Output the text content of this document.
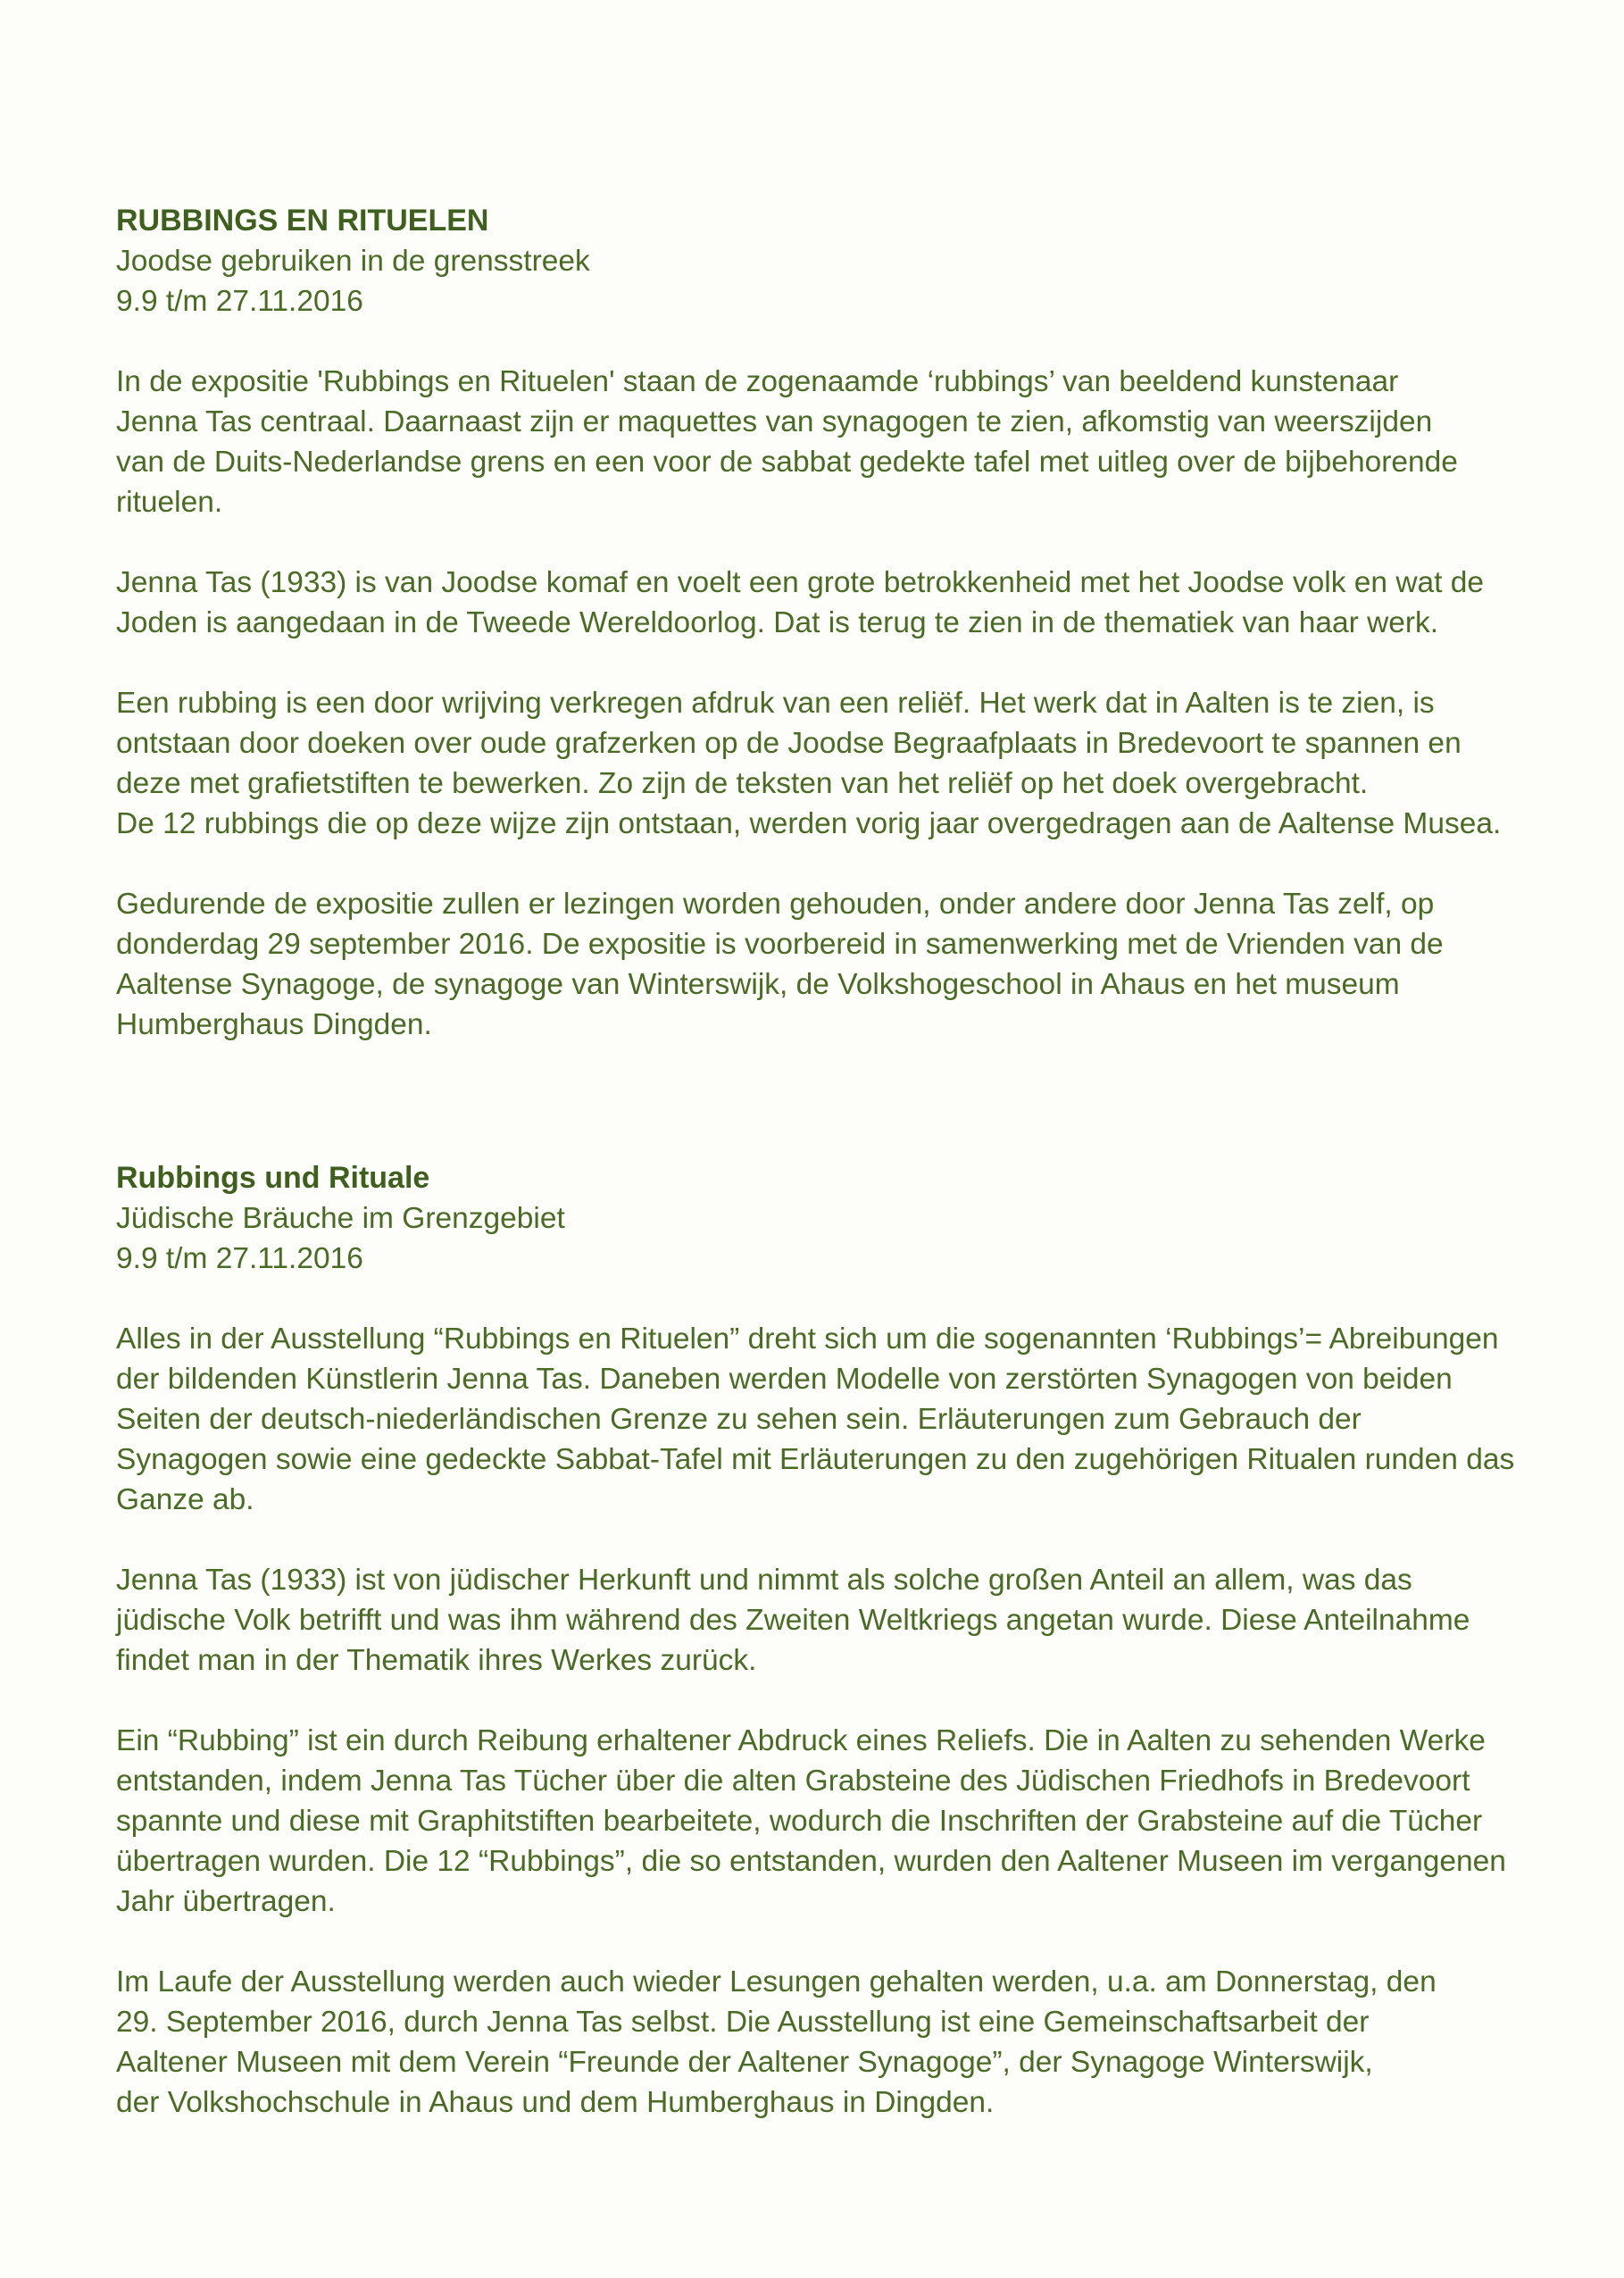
RUBBINGS EN RITUELEN

Joodse gebruiken in de grensstreek

9.9 t/m 27.11.2016

In de expositie 'Rubbings en Rituelen' staan de zogenaamde ‘rubbings’ van beeldend kunstenaar
Jenna Tas centraal. Daarnaast zijn er maquettes van synagogen te zien, afkomstig van weerszijden
van de Duits-Nederlandse grens en een voor de sabbat gedekte tafel met uitleg over de bijbehorende
rituelen.

Jenna Tas (1933) is van Joodse komaf en voelt een grote betrokkenheid met het Joodse volk en wat de
Joden is aangedaan in de Tweede Wereldoorlog. Dat is terug te zien in de thematiek van haar werk.

Een rubbing is een door wrijving verkregen afdruk van een reliëf. Het werk dat in Aalten is te zien, is
ontstaan door doeken over oude grafzerken op de Joodse Begraafplaats in Bredevoort te spannen en
deze met grafietstiften te bewerken. Zo zijn de teksten van het reliëf op het doek overgebracht.
De 12 rubbings die op deze wijze zijn ontstaan, werden vorig jaar overgedragen aan de Aaltense Musea.

Gedurende de expositie zullen er lezingen worden gehouden, onder andere door Jenna Tas zelf, op
donderdag 29 september 2016. De expositie is voorbereid in samenwerking met de Vrienden van de
Aaltense Synagoge, de synagoge van Winterswijk, de Volkshogeschool in Ahaus en het museum
Humberghaus Dingden.

Rubbings und Rituale

Jüdische Bräuche im Grenzgebiet

9.9 t/m 27.11.2016

Alles in der Ausstellung “Rubbings en Rituelen” dreht sich um die sogenannten ‘Rubbings’= Abreibungen
der bildenden Künstlerin Jenna Tas. Daneben werden Modelle von zerstörten Synagogen von beiden
Seiten der deutsch-niederländischen Grenze zu sehen sein. Erläuterungen zum Gebrauch der
Synagogen sowie eine gedeckte Sabbat-Tafel mit Erläuterungen zu den zugehörigen Ritualen runden das
Ganze ab.

Jenna Tas (1933) ist von jüdischer Herkunft und nimmt als solche großen Anteil an allem, was das
jüdische Volk betrifft und was ihm während des Zweiten Weltkriegs angetan wurde. Diese Anteilnahme
findet man in der Thematik ihres Werkes zurück.

Ein “Rubbing” ist ein durch Reibung erhaltener Abdruck eines Reliefs. Die in Aalten zu sehenden Werke
entstanden, indem Jenna Tas Tücher über die alten Grabsteine des Jüdischen Friedhofs in Bredevoort
spannte und diese mit Graphitstiften bearbeitete, wodurch die Inschriften der Grabsteine auf die Tücher
übertragen wurden. Die 12 “Rubbings”, die so entstanden, wurden den Aaltener Museen im vergangenen
Jahr übertragen.

Im Laufe der Ausstellung werden auch wieder Lesungen gehalten werden, u.a. am Donnerstag, den
29. September 2016, durch Jenna Tas selbst. Die Ausstellung ist eine Gemeinschaftsarbeit der
Aaltener Museen mit dem Verein “Freunde der Aaltener Synagoge”, der Synagoge Winterswijk,
der Volkshochschule in Ahaus und dem Humberghaus in Dingden.
